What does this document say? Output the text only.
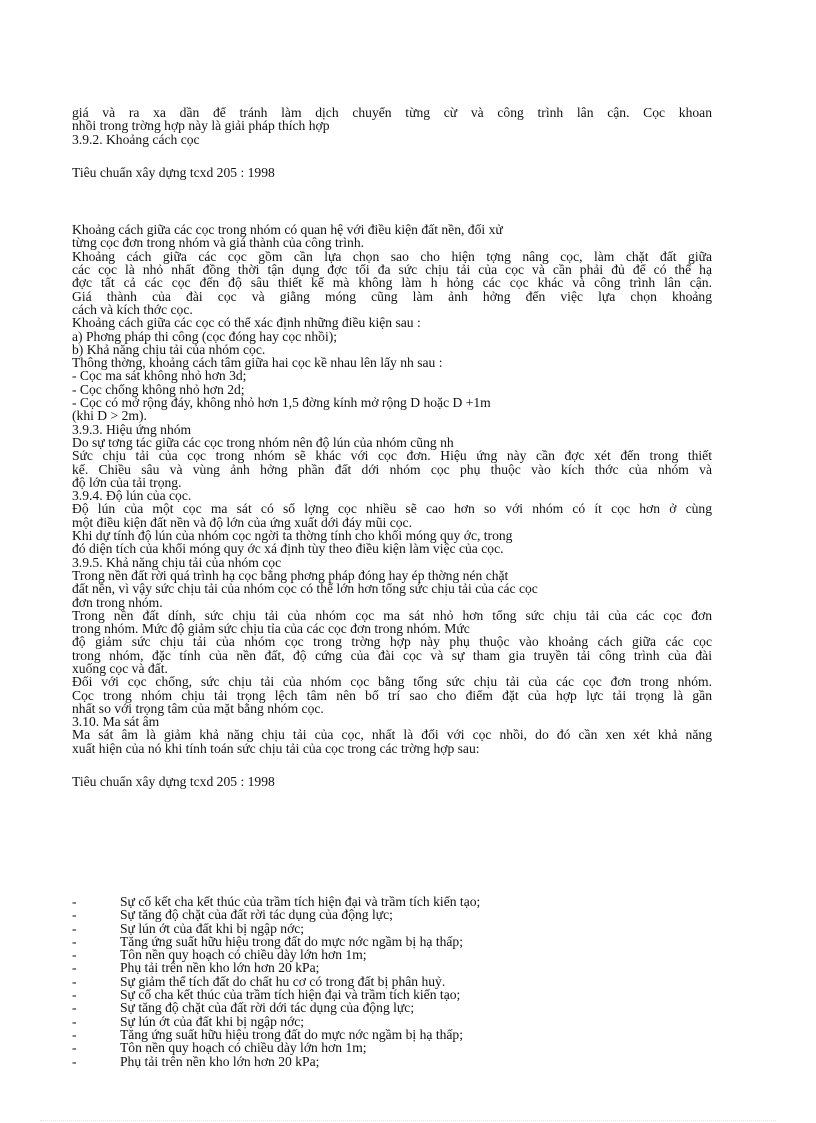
giá và ra xa dần để tránh làm dịch chuyển từng cừ và công trình lân cận. Cọc khoan
nhồi trong trờng hợp này là giải pháp thích hợp
3.9.2. Khoảng cách cọc
Tiêu chuẩn xây dựng tcxd 205 : 1998
Khoảng cách giữa các cọc trong nhóm có quan hệ với điều kiện đất nền, đối xử
từng cọc đơn trong nhóm và giá thành của công trình.
Khoảng cách giữa các cọc gồm cần lựa chọn sao cho hiện tợng nâng cọc, làm chặt đất giữa
các cọc là nhỏ nhất đồng thời tận dụng đợc tối đa sức chịu tải của cọc và cần phải đủ để có thể hạ
đợc tất cả các cọc đến độ sâu thiết kế mà không làm h hỏng các cọc khác và công trình lân cận.
Giá thành của đài cọc và giằng móng cũng làm ảnh hởng đến việc lựa chọn khoảng
cách và kích thớc cọc.
Khoảng cách giữa các cọc có thể xác định những điều kiện sau :
a) Phơng pháp thi công (cọc đóng hay cọc nhồi);
b) Khả năng chịu tải của nhóm cọc.
Thông thờng, khoảng cách tâm giữa hai cọc kề nhau lên lấy nh sau :
- Cọc ma sát không nhỏ hơn 3d;
- Cọc chống không nhỏ hơn 2d;
- Cọc có mở rộng đáy, không nhỏ hơn 1,5 đờng kính mở rộng D hoặc D +1m
(khi D > 2m).
3.9.3. Hiệu ứng nhóm
Do sự tơng tác giữa các cọc trong nhóm nên độ lún của nhóm cũng nh
Sức chịu tải của cọc trong nhóm sẽ khác với cọc đơn. Hiệu ứng này cần đợc xét đến trong thiết
kế. Chiều sâu và vùng ảnh hởng phần đất dới nhóm cọc phụ thuộc vào kích thớc của nhóm và
độ lớn của tải trọng.
3.9.4. Độ lún của cọc.
Độ lún của một cọc ma sát có số lợng cọc nhiều sẽ cao hơn so với nhóm có ít cọc hơn ở cùng
một điều kiện đất nền và độ lớn của ứng xuất dới đáy mũi cọc.
Khi dự tính độ lún của nhóm cọc ngời ta thờng tính cho khối móng quy ớc, trong
đó diện tích của khối móng quy ớc xá định tùy theo điều kiện làm việc của cọc.
3.9.5. Khả năng chịu tải của nhóm cọc
Trong nền đất rời quá trình hạ cọc bằng phơng pháp đóng hay ép thờng nén chặt
đất nền, vì vậy sức chịu tải của nhóm cọc có thể lớn hơn tổng sức chịu tải của các cọc
đơn trong nhóm.
Trong nền đất dính, sức chịu tải của nhóm cọc ma sát nhỏ hơn tổng sức chịu tải của các cọc đơn
trong nhóm. Mức độ giảm sức chịu tỉa của các cọc đơn trong nhóm. Mức
độ giảm sức chịu tải của nhóm cọc trong trờng hợp này phụ thuộc vào khoảng cách giữa các cọc
trong nhóm, đặc tính của nền đất, độ cứng của đài cọc và sự tham gia truyền tải công trình của đài
xuống cọc và đất.
Đối với cọc chống, sức chịu tải của nhóm cọc bằng tổng sức chịu tải của các cọc đơn trong nhóm.
Cọc trong nhóm chịu tải trọng lệch tâm nên bố trí sao cho điểm đặt của hợp lực tải trọng là gần
nhất so với trọng tâm của mặt bằng nhóm cọc.
3.10. Ma sát âm
Ma sát âm là giảm khả năng chịu tải của cọc, nhất là đối với cọc nhồi, do đó cần xen xét khả năng
xuất hiện của nó khi tính toán sức chịu tải của cọc trong các trờng hợp sau:
Tiêu chuẩn xây dựng tcxd 205 : 1998
-	Sự cố kết cha kết thúc của trầm tích hiện đại và trầm tích kiến tạo;
-	Sự tăng độ chặt của đất rời tác dụng của động lực;
-	Sự lún ớt của đất khi bị ngập nớc;
-	Tăng ứng suất hữu hiệu trong đất do mực nớc ngầm bị hạ thấp;
-	Tôn nền quy hoạch có chiều dày lớn hơn 1m;
-	Phụ tải trên nền kho lớn hơn 20 kPa;
-	Sự giảm thể tích đất do chất hu cơ có trong đất bị phân huỷ.
-	Sự cố cha kết thúc của trầm tích hiện đại và trầm tích kiến tạo;
-	Sự tăng độ chặt của đất rời dới tác dụng của động lực;
-	Sự lún ớt của đất khi bị ngập nớc;
-	Tăng ứng suất hữu hiệu trong đất do mực nớc ngầm bị hạ thấp;
-	Tôn nền quy hoạch có chiều dày lớn hơn 1m;
-	Phụ tải trên nền kho lớn hơn 20 kPa;
